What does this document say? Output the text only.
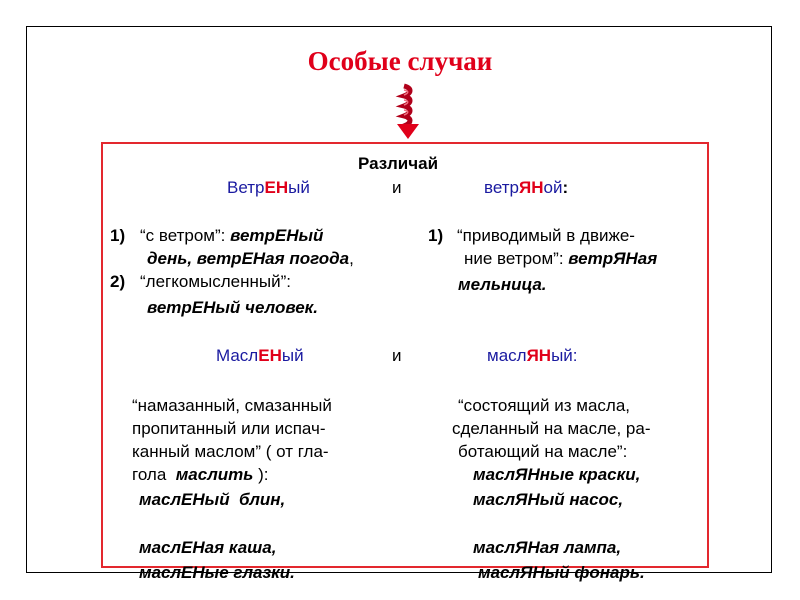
Особые случаи
Различай
ВетрЕНый	и	ветрЯНой:
1) “с ветром”: ветрЕНый
день, ветрЕНая погода,
2) “легкомысленный”:
ветрЕНый человек.
1) “приводимый в движе-
ние ветром”: ветрЯНая
мельница.
МаслЕНый	и	маслЯНый:
“намазанный, смазанный
пропитанный или испач-
канный маслом” ( от гла-
гола  маслить ):
маслЕНый  блин,
маслЕНая каша,
маслЕНые глазки.
“состоящий из масла,
сделанный на масле, ра-
ботающий на масле”:
маслЯНные краски,
маслЯНый насос,
маслЯНая лампа,
маслЯНый фонарь.
